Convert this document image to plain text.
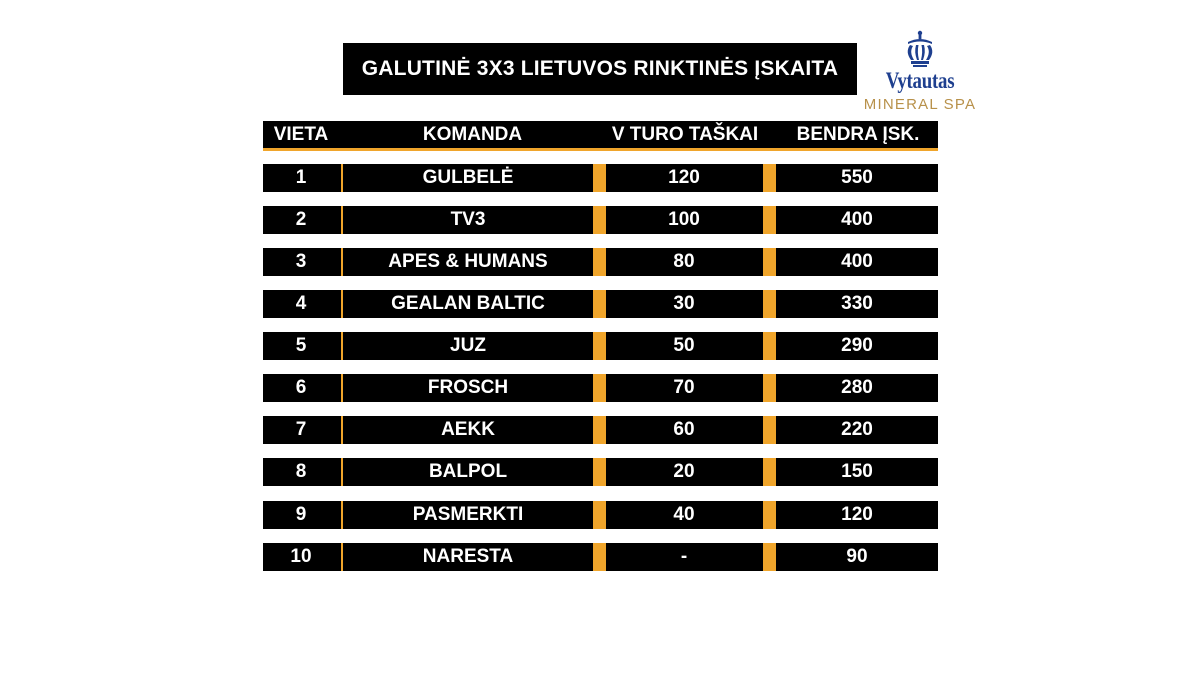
GALUTINĖ 3X3 LIETUVOS RINKTINĖS ĮSKAITA	Vytautas
MINERAL SPA
VIETA	KOMANDA	V TURO TAŠKAI	BENDRA ĮSK.
1	GULBELĖ	120	550
2	TV3	100	400
3	APES & HUMANS	80	400
4	GEALAN BALTIC	30	330
5	JUZ	50	290
6	FROSCH	70	280
7	AEKK	60	220
8	BALPOL	20	150
9	PASMERKTI	40	120
10	NARESTA	-	90
